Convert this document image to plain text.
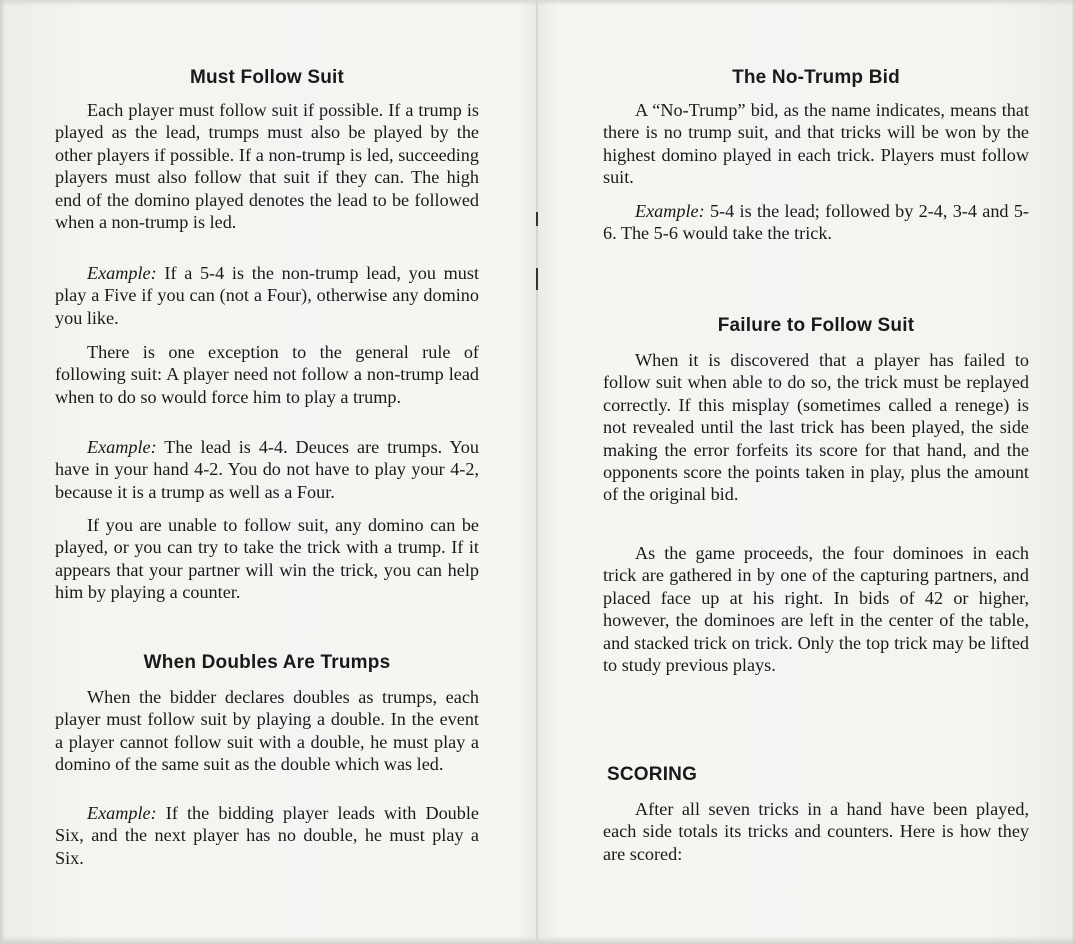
Must Follow Suit

Each player must follow suit if possible. If a trump is played as the lead, trumps must also be played by the other players if possible. If a non-trump is led, succeeding players must also follow that suit if they can. The high end of the domino played denotes the lead to be followed when a non-trump is led.

Example: If a 5-4 is the non-trump lead, you must play a Five if you can (not a Four), otherwise any domino you like.

There is one exception to the general rule of following suit: A player need not follow a non-trump lead when to do so would force him to play a trump.

Example: The lead is 4-4. Deuces are trumps. You have in your hand 4-2. You do not have to play your 4-2, because it is a trump as well as a Four.

If you are unable to follow suit, any domino can be played, or you can try to take the trick with a trump. If it appears that your partner will win the trick, you can help him by playing a counter.

When Doubles Are Trumps

When the bidder declares doubles as trumps, each player must follow suit by playing a double. In the event a player cannot follow suit with a double, he must play a domino of the same suit as the double which was led.

Example: If the bidding player leads with Double Six, and the next player has no double, he must play a Six.

The No-Trump Bid

A “No-Trump” bid, as the name indicates, means that there is no trump suit, and that tricks will be won by the highest domino played in each trick. Players must follow suit.

Example: 5-4 is the lead; followed by 2-4, 3-4 and 5-6. The 5-6 would take the trick.

Failure to Follow Suit

When it is discovered that a player has failed to follow suit when able to do so, the trick must be replayed correctly. If this misplay (sometimes called a renege) is not revealed until the last trick has been played, the side making the error forfeits its score for that hand, and the opponents score the points taken in play, plus the amount of the original bid.

As the game proceeds, the four dominoes in each trick are gathered in by one of the capturing partners, and placed face up at his right. In bids of 42 or higher, however, the dominoes are left in the center of the table, and stacked trick on trick. Only the top trick may be lifted to study previous plays.

SCORING

After all seven tricks in a hand have been played, each side totals its tricks and counters. Here is how they are scored:
